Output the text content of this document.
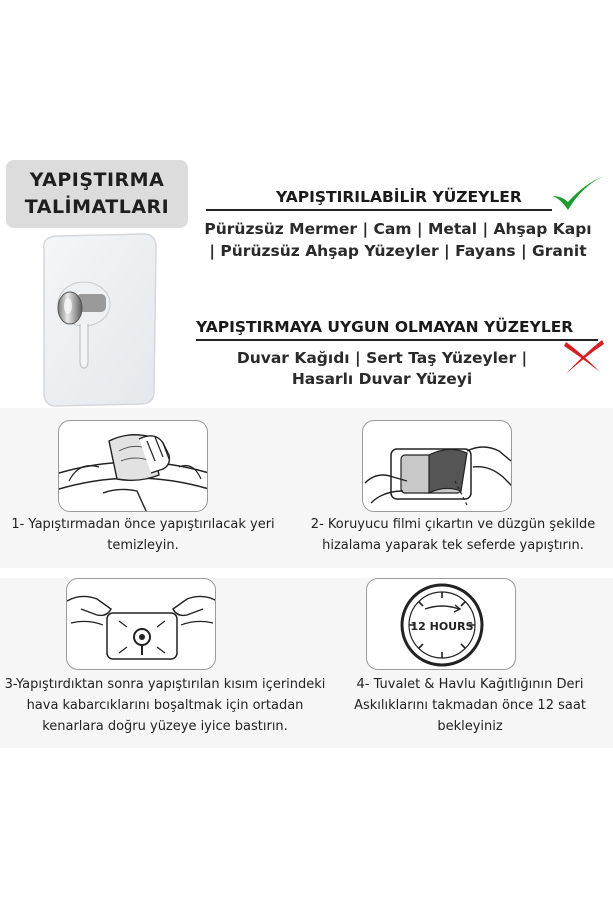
YAPIŞTIRMA
TALİMATLARI	YAPIŞTIRILABİLİR YÜZEYLER
Pürüzsüz Mermer | Cam | Metal | Ahşap Kapı | Pürüzsüz Ahşap Yüzeyler | Fayans | Granit
YAPIŞTIRMAYA UYGUN OLMAYAN YÜZEYLER
Duvar Kağıdı | Sert Taş Yüzeyler | Hasarlı Duvar Yüzeyi
1- Yapıştırmadan önce yapıştırılacak yeri temizleyin.
2- Koruyucu filmi çıkartın ve düzgün şekilde hizalama yaparak tek seferde yapıştırın.
3-Yapıştırdıktan sonra yapıştırılan kısım içerindeki hava kabarcıklarını boşaltmak için ortadan kenarlara doğru yüzeye iyice bastırın.
12 HOURS
4- Tuvalet & Havlu Kağıtlığının Deri Askılıklarını takmadan önce 12 saat bekleyiniz
